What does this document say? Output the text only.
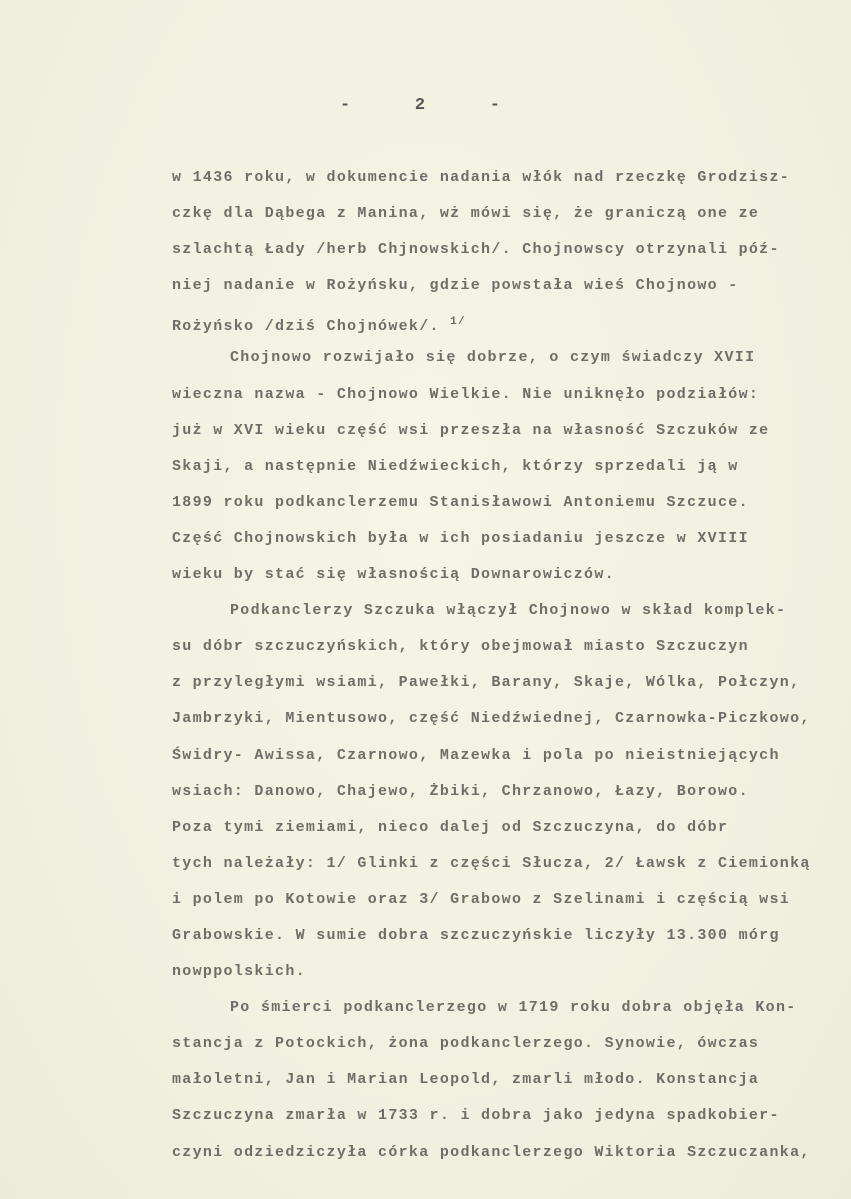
-	2	-
w 1436 roku, w dokumencie nadania włók nad rzeczkę Grodzisz-
czkę dla Dąbega z Manina, wż mówi się, że graniczą one ze
szlachtą Łady /herb Chjnowskich/. Chojnowscy otrzynali póź-
niej nadanie w Rożyńsku, gdzie powstała wieś Chojnowo -
Rożyńsko /dziś Chojnówek/. $^{1/}$
Chojnowo rozwijało się dobrze, o czym świadczy XVII
wieczna nazwa - Chojnowo Wielkie. Nie uniknęło podziałów:
już w XVI wieku część wsi przeszła na własność Szczuków ze
Skaji, a następnie Niedźwieckich, którzy sprzedali ją w
1899 roku podkanclerzemu Stanisławowi Antoniemu Szczuce.
Część Chojnowskich była w ich posiadaniu jeszcze w XVIII
wieku by stać się własnością Downarowiczów.
Podkanclerzy Szczuka włączył Chojnowo w skład komplek-
su dóbr szczuczyńskich, który obejmował miasto Szczuczyn
z przyległymi wsiami, Pawełki, Barany, Skaje, Wólka, Połczyn,
Jambrzyki, Mientusowo, część Niedźwiednej, Czarnowka-Piczkowo,
Świdry- Awissa, Czarnowo, Mazewka i pola po nieistniejących
wsiach: Danowo, Chajewo, Żbiki, Chrzanowo, Łazy, Borowo.
Poza tymi ziemiami, nieco dalej od Szczuczyna, do dóbr
tych należały: 1/ Glinki z części Słucza, 2/ Ławsk z Ciemionką
i polem po Kotowie oraz 3/ Grabowo z Szelinami i częścią wsi
Grabowskie. W sumie dobra szczuczyńskie liczyły 13.300 mórg
nowppolskich.
Po śmierci podkanclerzego w 1719 roku dobra objęła Kon-
stancja z Potockich, żona podkanclerzego. Synowie, ówczas
małoletni, Jan i Marian Leopold, zmarli młodo. Konstancja
Szczuczyna zmarła w 1733 r. i dobra jako jedyna spadkobier-
czyni odziedziczyła córka podkanclerzego Wiktoria Szczuczanka,
